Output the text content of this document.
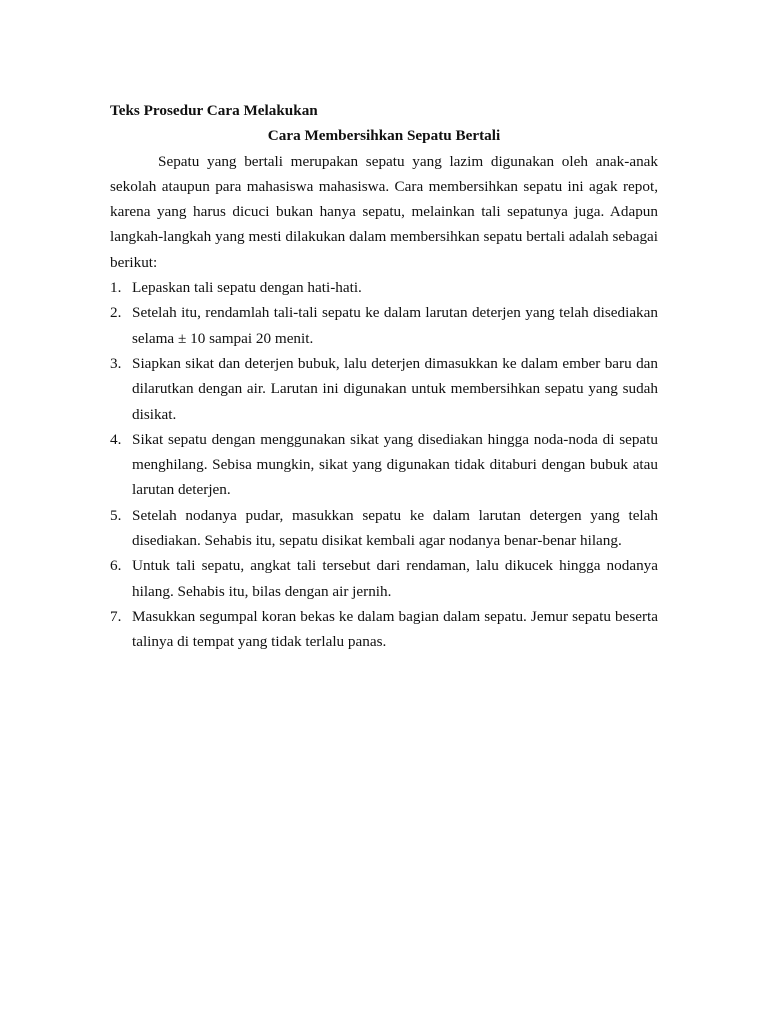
Teks Prosedur Cara Melakukan

Cara Membersihkan Sepatu Bertali

Sepatu yang bertali merupakan sepatu yang lazim digunakan oleh anak-anak sekolah ataupun para mahasiswa mahasiswa. Cara membersihkan sepatu ini agak repot, karena yang harus dicuci bukan hanya sepatu, melainkan tali sepatunya juga. Adapun langkah-langkah yang mesti dilakukan dalam membersihkan sepatu bertali adalah sebagai berikut:

1. Lepaskan tali sepatu dengan hati-hati.
2. Setelah itu, rendamlah tali-tali sepatu ke dalam larutan deterjen yang telah disediakan selama ± 10 sampai 20 menit.
3. Siapkan sikat dan deterjen bubuk, lalu deterjen dimasukkan ke dalam ember baru dan dilarutkan dengan air. Larutan ini digunakan untuk membersihkan sepatu yang sudah disikat.
4. Sikat sepatu dengan menggunakan sikat yang disediakan hingga noda-noda di sepatu menghilang. Sebisa mungkin, sikat yang digunakan tidak ditaburi dengan bubuk atau larutan deterjen.
5. Setelah nodanya pudar, masukkan sepatu ke dalam larutan detergen yang telah disediakan. Sehabis itu, sepatu disikat kembali agar nodanya benar-benar hilang.
6. Untuk tali sepatu, angkat tali tersebut dari rendaman, lalu dikucek hingga nodanya hilang. Sehabis itu, bilas dengan air jernih.
7. Masukkan segumpal koran bekas ke dalam bagian dalam sepatu. Jemur sepatu beserta talinya di tempat yang tidak terlalu panas.
